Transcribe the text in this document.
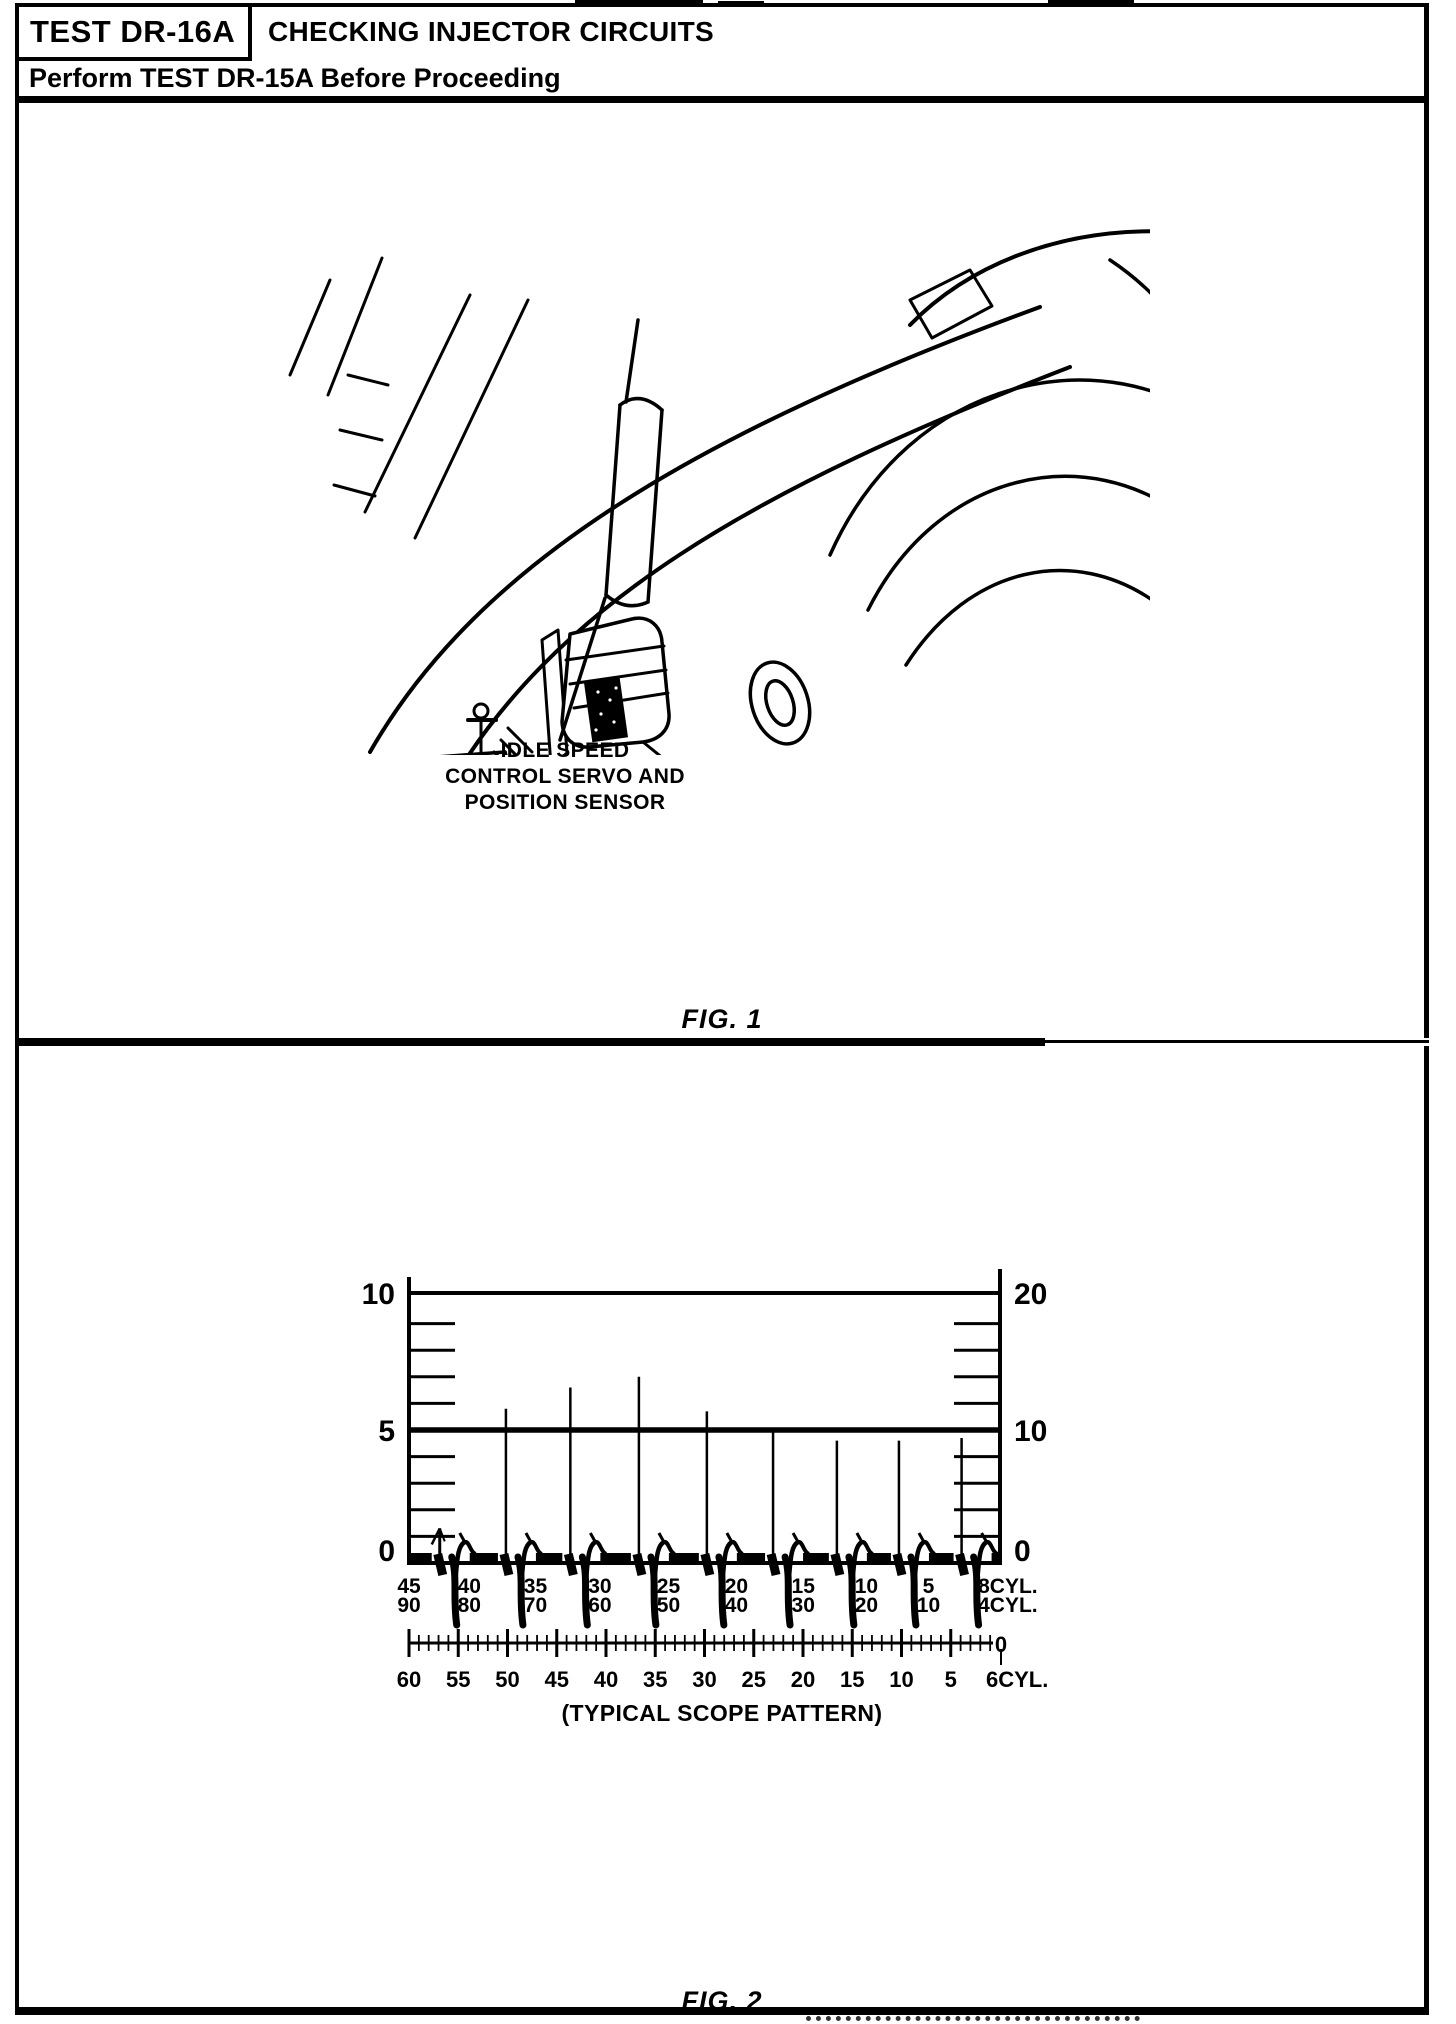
TEST DR-16A CHECKING INJECTOR CIRCUITS
Perform TEST DR-15A Before Proceeding
IDLE SPEED
CONTROL SERVO AND
POSITION SENSOR
FIG. 1
10
5
0
20
10
0
45
90
40
80
35
70
30
60
25
50
20
40
15
30
10
20
5
10
8CYL.
4CYL.
0
60 55 50 45 40 35 30 25 20 15 10 5 6CYL.
(TYPICAL SCOPE PATTERN)
FIG. 2
